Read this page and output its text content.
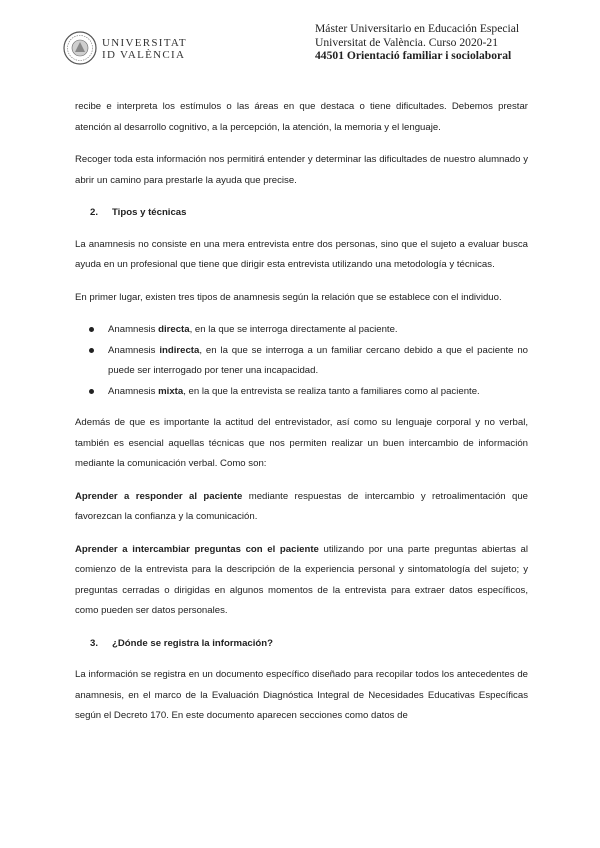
UNIVERSITAT
ID VALÈNCIA
Máster Universitario en Educación Especial
Universitat de València. Curso 2020-21
44501 Orientació familiar i sociolaboral

recibe e interpreta los estímulos o las áreas en que destaca o tiene dificultades. Debemos prestar atención al desarrollo cognitivo, a la percepción, la atención, la memoria y el lenguaje.

Recoger toda esta información nos permitirá entender y determinar las dificultades de nuestro alumnado y abrir un camino para prestarle la ayuda que precise.

2. Tipos y técnicas

La anamnesis no consiste en una mera entrevista entre dos personas, sino que el sujeto a evaluar busca ayuda en un profesional que tiene que dirigir esta entrevista utilizando una metodología y técnicas.

En primer lugar, existen tres tipos de anamnesis según la relación que se establece con el individuo.

Anamnesis directa, en la que se interroga directamente al paciente.
Anamnesis indirecta, en la que se interroga a un familiar cercano debido a que el paciente no puede ser interrogado por tener una incapacidad.
Anamnesis mixta, en la que la entrevista se realiza tanto a familiares como al paciente.

Además de que es importante la actitud del entrevistador, así como su lenguaje corporal y no verbal, también es esencial aquellas técnicas que nos permiten realizar un buen intercambio de información mediante la comunicación verbal. Como son:

Aprender a responder al paciente mediante respuestas de intercambio y retroalimentación que favorezcan la confianza y la comunicación.

Aprender a intercambiar preguntas con el paciente utilizando por una parte preguntas abiertas al comienzo de la entrevista para la descripción de la experiencia personal y sintomatología del sujeto; y preguntas cerradas o dirigidas en algunos momentos de la entrevista para extraer datos específicos, como pueden ser datos personales.

3. ¿Dónde se registra la información?

La información se registra en un documento específico diseñado para recopilar todos los antecedentes de anamnesis, en el marco de la Evaluación Diagnóstica Integral de Necesidades Educativas Específicas según el Decreto 170. En este documento aparecen secciones como datos de
